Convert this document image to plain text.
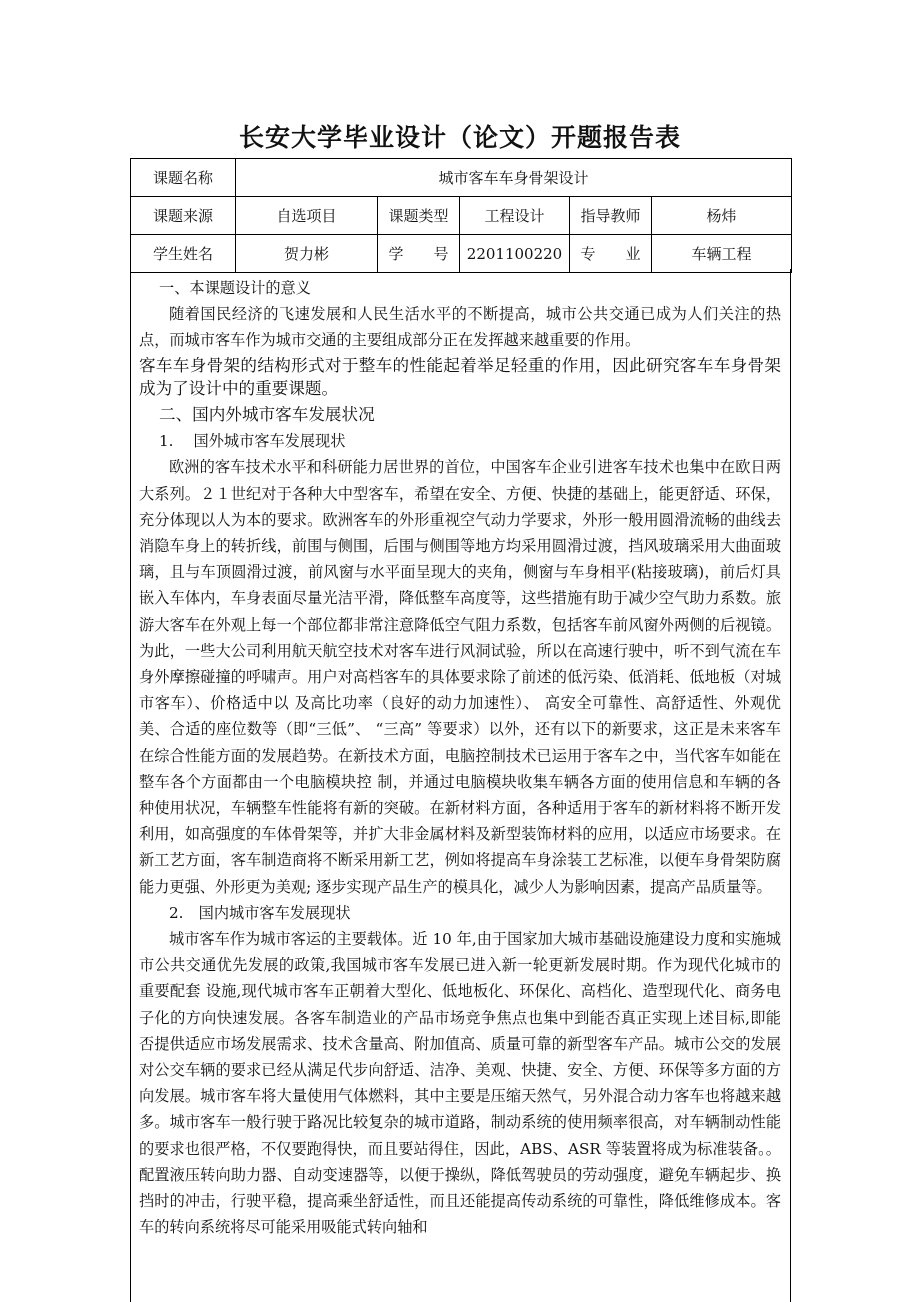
长安大学毕业设计（论文）开题报告表
课题名称	城市客车车身骨架设计				
课题来源	自选项目	课题类型	工程设计	指导教师	杨炜
学生姓名	贺力彬	学　　号	2201100220	专　　业	车辆工程

一、本课题设计的意义

随着国民经济的飞速发展和人民生活水平的不断提高，城市公共交通已成为人们关注的热点，而城市客车作为城市交通的主要组成部分正在发挥越来越重要的作用。

客车车身骨架的结构形式对于整车的性能起着举足轻重的作用，因此研究客车车身骨架成为了设计中的重要课题。

二、国内外城市客车发展状况

1.　 国外城市客车发展现状

欧洲的客车技术水平和科研能力居世界的首位，中国客车企业引进客车技术也集中在欧日两大系列。２１世纪对于各种大中型客车，希望在安全、方便、快捷的基础上，能更舒适、环保，充分体现以人为本的要求。欧洲客车的外形重视空气动力学要求，外形一般用圆滑流畅的曲线去消隐车身上的转折线，前围与侧围，后围与侧围等地方均采用圆滑过渡，挡风玻璃采用大曲面玻璃，且与车顶圆滑过渡，前风窗与水平面呈现大的夹角，侧窗与车身相平(粘接玻璃)，前后灯具嵌入车体内，车身表面尽量光洁平滑，降低整车高度等，这些措施有助于减少空气助力系数。旅游大客车在外观上每一个部位都非常注意降低空气阻力系数，包括客车前风窗外两侧的后视镜。为此，一些大公司利用航天航空技术对客车进行风洞试验，所以在高速行驶中，听不到气流在车身外摩擦碰撞的呼啸声。用户对高档客车的具体要求除了前述的低污染、低消耗、低地板（对城市客车）、价格适中以 及高比功率（良好的动力加速性）、 高安全可靠性、高舒适性、外观优美、合适的座位数等（即“三低”、 “三高” 等要求）以外，还有以下的新要求，这正是未来客车在综合性能方面的发展趋势。在新技术方面，电脑控制技术已运用于客车之中，当代客车如能在整车各个方面都由一个电脑模块控 制，并通过电脑模块收集车辆各方面的使用信息和车辆的各种使用状况，车辆整车性能将有新的突破。在新材料方面，各种适用于客车的新材料将不断开发利用，如高强度的车体骨架等，并扩大非金属材料及新型装饰材料的应用，以适应市场要求。在新工艺方面，客车制造商将不断采用新工艺，例如将提高车身涂装工艺标准，以便车身骨架防腐能力更强、外形更为美观; 逐步实现产品生产的模具化，减少人为影响因素，提高产品质量等。

2.　国内城市客车发展现状

城市客车作为城市客运的主要载体。近 10 年,由于国家加大城市基础设施建设力度和实施城市公共交通优先发展的政策,我国城市客车发展已进入新一轮更新发展时期。作为现代化城市的重要配套 设施,现代城市客车正朝着大型化、低地板化、环保化、高档化、造型现代化、商务电子化的方向快速发展。各客车制造业的产品市场竞争焦点也集中到能否真正实现上述目标,即能否提供适应市场发展需求、技术含量高、附加值高、质量可靠的新型客车产品。城市公交的发展对公交车辆的要求已经从满足代步向舒适、洁净、美观、快捷、安全、方便、环保等多方面的方向发展。城市客车将大量使用气体燃料，其中主要是压缩天然气，另外混合动力客车也将越来越多。城市客车一般行驶于路况比较复杂的城市道路，制动系统的使用频率很高，对车辆制动性能的要求也很严格，不仅要跑得快，而且要站得住，因此，ABS、ASR 等装置将成为标准装备。。配置液压转向助力器、自动变速器等，以便于操纵，降低驾驶员的劳动强度，避免车辆起步、换挡时的冲击，行驶平稳，提高乘坐舒适性，而且还能提高传动系统的可靠性，降低维修成本。客车的转向系统将尽可能采用吸能式转向轴和
